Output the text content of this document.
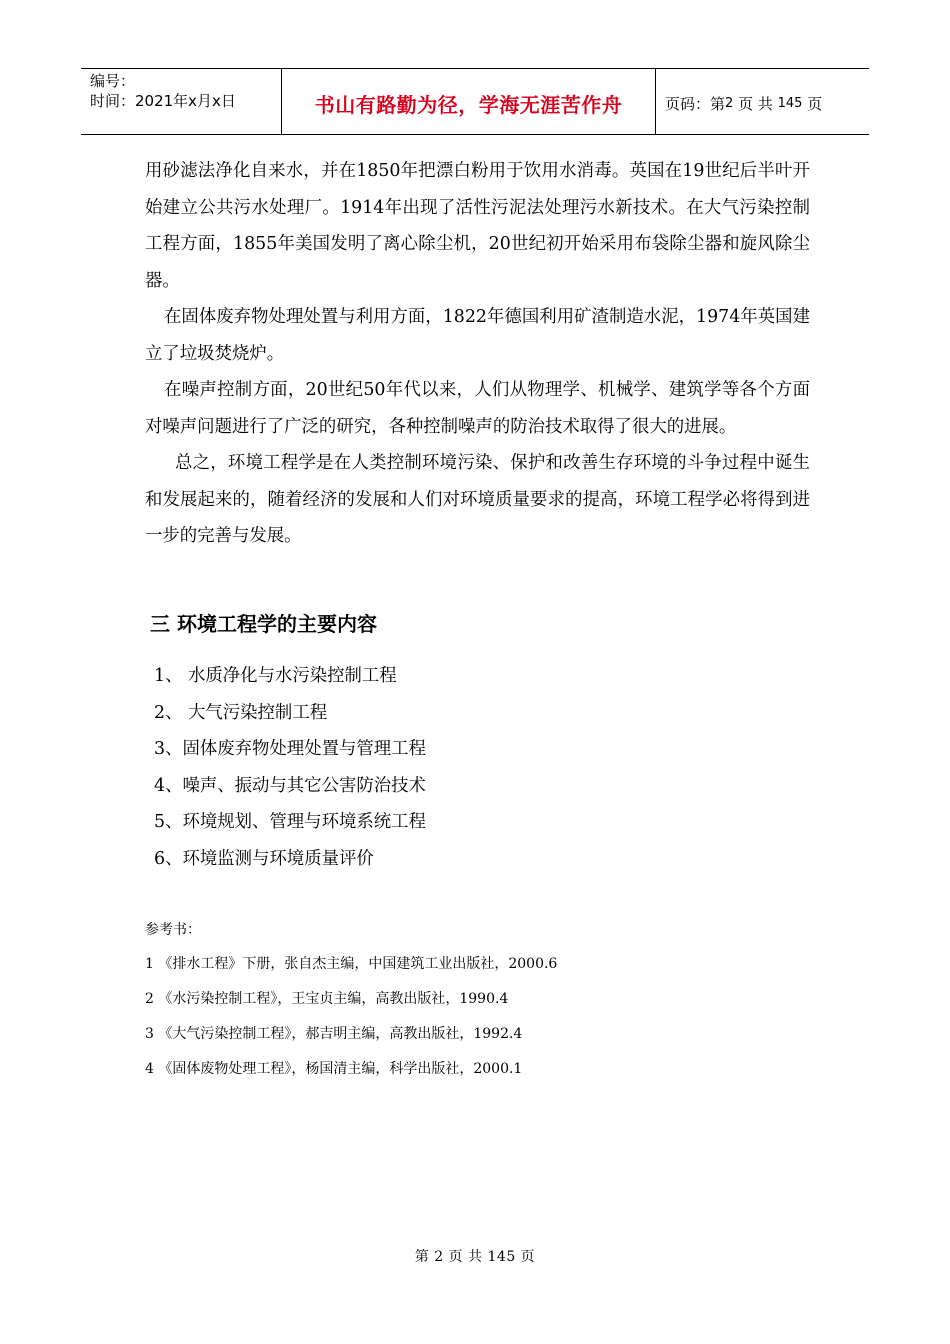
编号：
时间：2021年x月x日	书山有路勤为径，学海无涯苦作舟	页码：第 2
页 共
145
页

用砂滤法净化自来水，并在1850年把漂白粉用于饮用水消毒。英国在19世纪后半叶开始建立公共污水处理厂。1914年出现了活性污泥法处理污水新技术。在大气污染控制工程方面，1855年美国发明了离心除尘机，20世纪初开始采用布袋除尘器和旋风除尘器。

在固体废弃物处理处置与利用方面，1822年德国利用矿渣制造水泥，1974年英国建立了垃圾焚烧炉。

在噪声控制方面，20世纪50年代以来，人们从物理学、机械学、建筑学等各个方面对噪声问题进行了广泛的研究，各种控制噪声的防治技术取得了很大的进展。

总之，环境工程学是在人类控制环境污染、保护和改善生存环境的斗争过程中诞生和发展起来的，随着经济的发展和人们对环境质量要求的提高，环境工程学必将得到进一步的完善与发展。

三 环境工程学的主要内容
1、 水质净化与水污染控制工程
2、 大气污染控制工程
3、固体废弃物处理处置与管理工程
4、噪声、振动与其它公害防治技术
5、环境规划、管理与环境系统工程
6、环境监测与环境质量评价
参考书：
1 《排水工程》下册，张自杰主编，中国建筑工业出版社，2000.6
2 《水污染控制工程》，王宝贞主编，高教出版社，1990.4
3 《大气污染控制工程》，郝吉明主编，高教出版社，1992.4
4 《固体废物处理工程》，杨国清主编，科学出版社，2000.1
第 2 页 共 145 页
